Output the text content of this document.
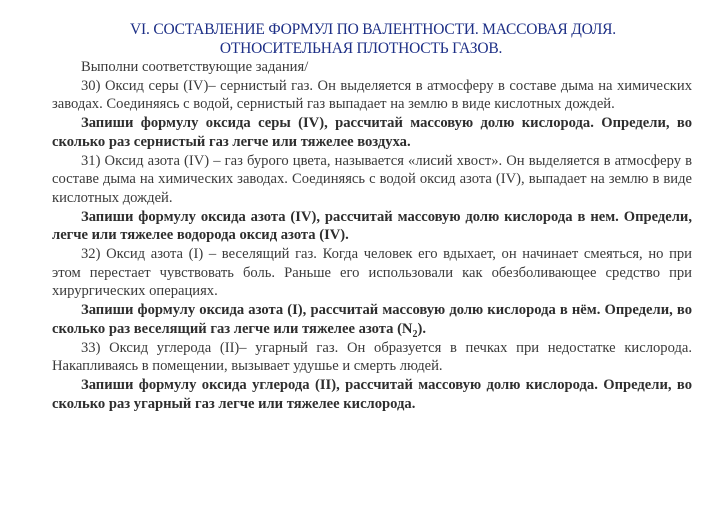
VI. СОСТАВЛЕНИЕ ФОРМУЛ ПО ВАЛЕНТНОСТИ. МАССОВАЯ ДОЛЯ.
ОТНОСИТЕЛЬНАЯ ПЛОТНОСТЬ ГАЗОВ.

Выполни соответствующие задания/

30) Оксид серы (IV)– сернистый газ. Он выделяется в атмосферу в составе дыма на химических заводах. Соединяясь с водой, сернистый газ выпадает на землю в виде кислотных дождей.

Запиши формулу оксида серы (IV), рассчитай массовую долю кислорода. Определи, во сколько раз сернистый газ легче или тяжелее воздуха.

31) Оксид азота (IV) – газ бурого цвета, называется «лисий хвост». Он выделяется в атмосферу в составе дыма на химических заводах. Соединяясь с водой оксид азота (IV), выпадает на землю в виде кислотных дождей.

Запиши формулу оксида азота (IV), рассчитай массовую долю кислорода в нем. Определи, легче или тяжелее водорода оксид азота (IV).

32) Оксид азота (I) – веселящий газ. Когда человек его вдыхает, он начинает смеяться, но при этом перестает чувствовать боль. Раньше его использовали как обезболивающее средство при хирургических операциях.

Запиши формулу оксида азота (I), рассчитай массовую долю кислорода в нём. Определи, во сколько раз веселящий газ легче или тяжелее азота $(N_2)$.

33) Оксид углерода (II)– угарный газ. Он образуется в печках при недостатке кислорода. Накапливаясь в помещении, вызывает удушье и смерть людей.

Запиши формулу оксида углерода (II), рассчитай массовую долю кислорода. Определи, во сколько раз угарный газ легче или тяжелее кислорода.
